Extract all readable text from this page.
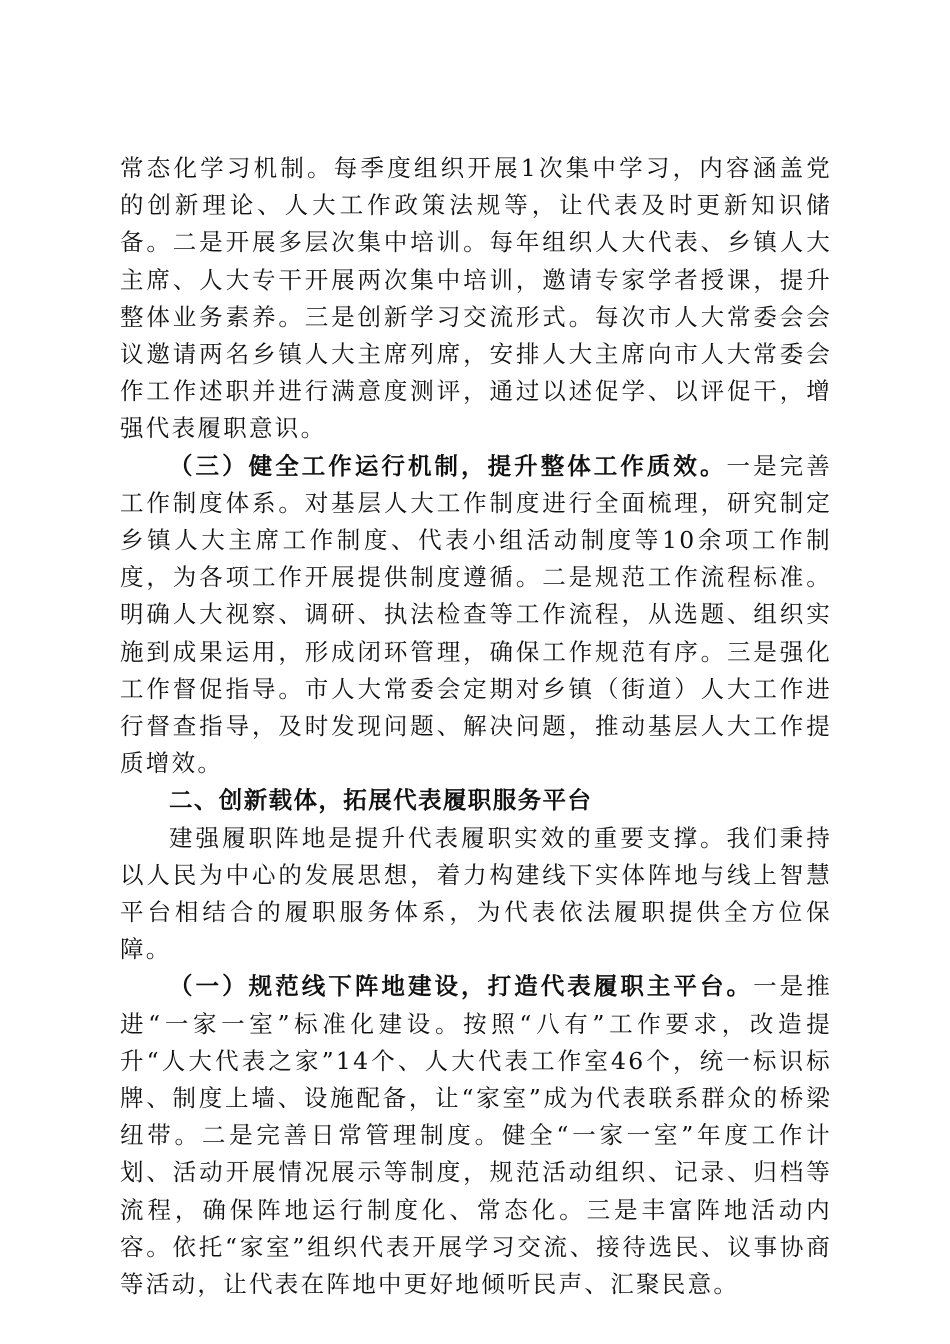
常态化学习机制。每季度组织开展1次集中学习，内容涵盖党的创新理论、人大工作政策法规等，让代表及时更新知识储备。二是开展多层次集中培训。每年组织人大代表、乡镇人大主席、人大专干开展两次集中培训，邀请专家学者授课，提升整体业务素养。三是创新学习交流形式。每次市人大常委会会议邀请两名乡镇人大主席列席，安排人大主席向市人大常委会作工作述职并进行满意度测评，通过以述促学、以评促干，增强代表履职意识。

（三）健全工作运行机制，提升整体工作质效。一是完善工作制度体系。对基层人大工作制度进行全面梳理，研究制定乡镇人大主席工作制度、代表小组活动制度等10余项工作制度，为各项工作开展提供制度遵循。二是规范工作流程标准。明确人大视察、调研、执法检查等工作流程，从选题、组织实施到成果运用，形成闭环管理，确保工作规范有序。三是强化工作督促指导。市人大常委会定期对乡镇（街道）人大工作进行督查指导，及时发现问题、解决问题，推动基层人大工作提质增效。

二、创新载体，拓展代表履职服务平台

建强履职阵地是提升代表履职实效的重要支撑。我们秉持以人民为中心的发展思想，着力构建线下实体阵地与线上智慧平台相结合的履职服务体系，为代表依法履职提供全方位保障。

（一）规范线下阵地建设，打造代表履职主平台。一是推进“一家一室”标准化建设。按照“八有”工作要求，改造提升“人大代表之家”14个、人大代表工作室46个，统一标识标牌、制度上墙、设施配备，让“家室”成为代表联系群众的桥梁纽带。二是完善日常管理制度。健全“一家一室”年度工作计划、活动开展情况展示等制度，规范活动组织、记录、归档等流程，确保阵地运行制度化、常态化。三是丰富阵地活动内容。依托“家室”组织代表开展学习交流、接待选民、议事协商等活动，让代表在阵地中更好地倾听民声、汇聚民意。
